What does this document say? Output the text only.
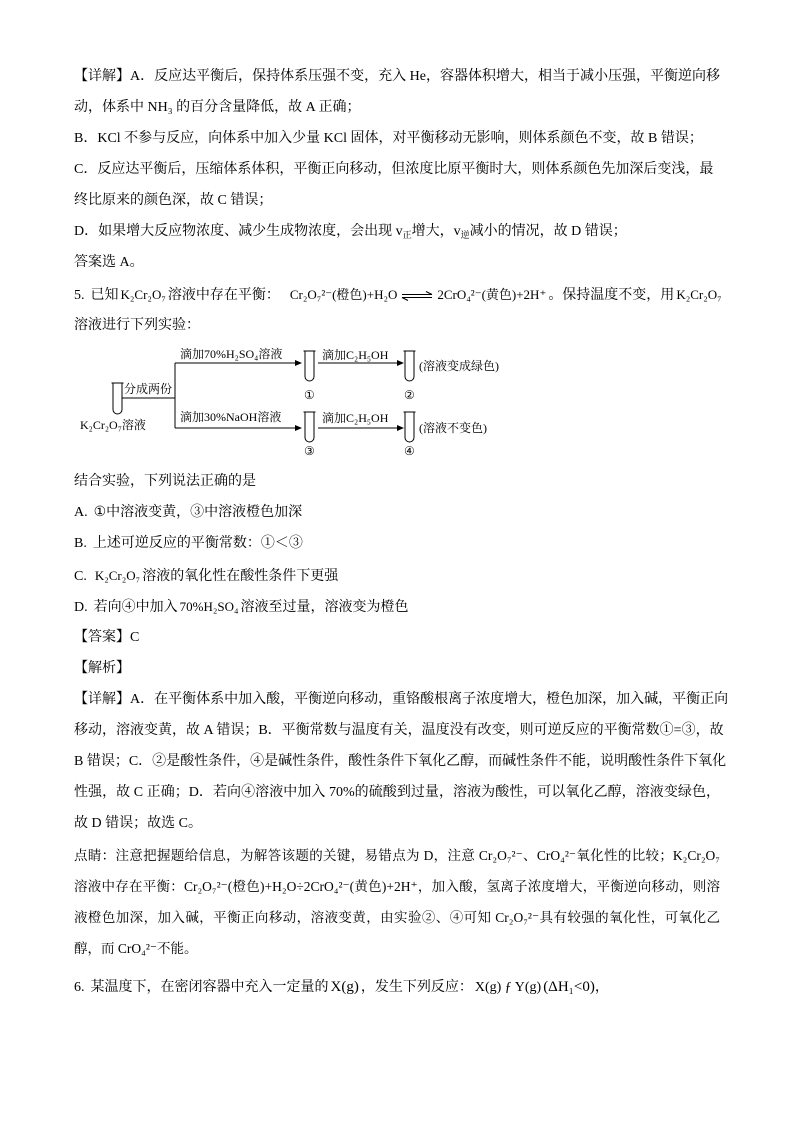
【详解】A．反应达平衡后，保持体系压强不变，充入 He，容器体积增大，相当于减小压强，平衡逆向移
动，体系中 NH₃ 的百分含量降低，故 A 正确；
B．KCl 不参与反应，向体系中加入少量 KCl 固体，对平衡移动无影响，则体系颜色不变，故 B 错误；
C．反应达平衡后，压缩体系体积，平衡正向移动，但浓度比原平衡时大，则体系颜色先加深后变浅，最
终比原来的颜色深，故 C 错误；
D．如果增大反应物浓度、减少生成物浓度，会出现 $v_正$增大，$v_逆$减小的情况，故 D 错误；
答案选 A。
5. 已知 K₂Cr₂O₇ 溶液中存在平衡： Cr₂O₇²⁻(橙色)+H₂O ⇌ 2CrO₄²⁻(黄色)+2H⁺ 。保持温度不变，用 K₂Cr₂O₇
溶液进行下列实验：
滴加70%H₂SO₄溶液	滴加C₂H₅OH
(溶液变成绿色)
①	②
分成两份
K₂Cr₂O₇溶液
滴加30%NaOH溶液	滴加C₂H₅OH
(溶液不变色)
③	④
结合实验，下列说法正确的是
A. ①中溶液变黄，③中溶液橙色加深
B. 上述可逆反应的平衡常数：①＜③
C. K₂Cr₂O₇ 溶液的氧化性在酸性条件下更强
D. 若向④中加入 70%H₂SO₄ 溶液至过量，溶液变为橙色
【答案】C
【解析】
【详解】A．在平衡体系中加入酸，平衡逆向移动，重铬酸根离子浓度增大，橙色加深，加入碱，平衡正向
移动，溶液变黄，故 A 错误；B．平衡常数与温度有关，温度没有改变，则可逆反应的平衡常数①=③，故
B 错误；C．②是酸性条件，④是碱性条件，酸性条件下氧化乙醇，而碱性条件不能，说明酸性条件下氧化
性强，故 C 正确；D．若向④溶液中加入 70%的硫酸到过量，溶液为酸性，可以氧化乙醇，溶液变绿色，
故 D 错误；故选 C。
点睛：注意把握题给信息，为解答该题的关键，易错点为 D，注意 Cr₂O₇²⁻、CrO₄²⁻氧化性的比较；K₂Cr₂O₇
溶液中存在平衡：Cr₂O₇²⁻(橙色)+H₂O÷2CrO₄²⁻(黄色)+2H⁺，加入酸，氢离子浓度增大，平衡逆向移动，则溶
液橙色加深，加入碱，平衡正向移动，溶液变黄，由实验②、④可知 Cr₂O₇²⁻具有较强的氧化性，可氧化乙
醇，而 CrO₄²⁻不能。
6. 某温度下，在密闭容器中充入一定量的 X(g) ，发生下列反应： X(g) ƒ Y(g) (ΔH₁<0)，
